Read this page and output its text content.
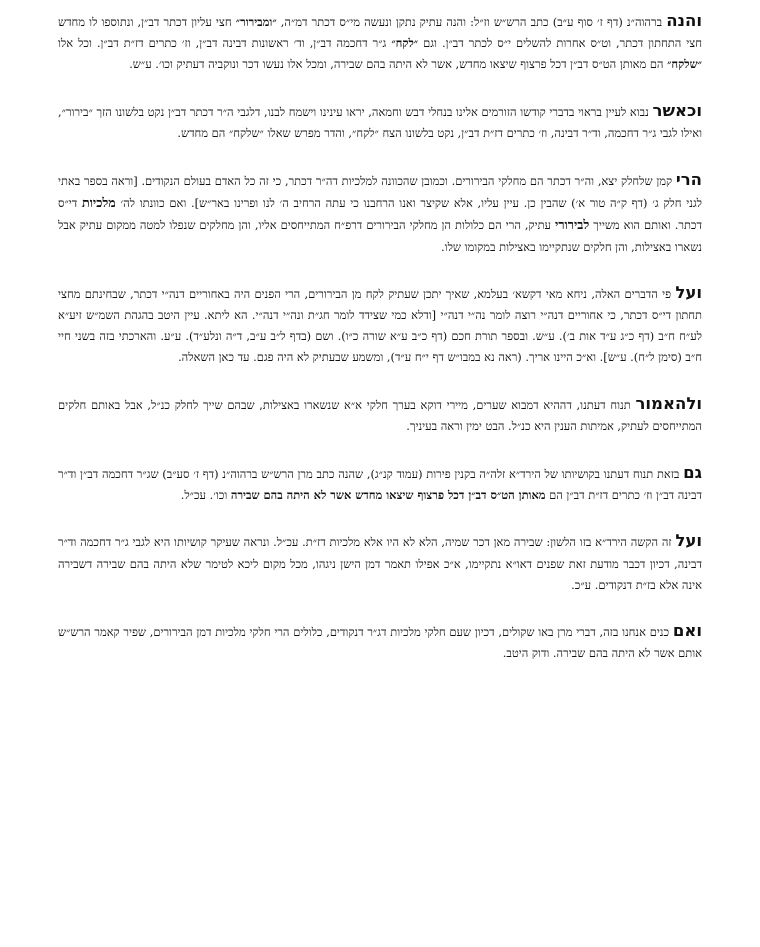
והנה ברהוה״נ (דף ז׳ סוף ע״ב) כתב הרש״ש וז״ל: והנה עתיק נתקן ונעשה מי״ס דכתר דמ״ה, ״ומבירור״ חצי עליון דכתר דב״ן, ונתוספו לו מחדש חצי התחתון דכתר, וט״ס אחרות להשלים י״ס לכתר דב״ן. וגם ״לקח״ ג״ר דחכמה דב״ן, וד׳ ראשונות דבינה דב״ן, וז׳ כתרים דז״ת דב״ן. וכל אלו ״שלקח״ הם מאותן הט״ס דב״ן דכל פרצוף שיצאו מחדש, אשר לא היתה בהם שבירה, ומכל אלו נעשו דכר ונוקביה דעתיק וכו׳. ע״ש.

וכאשר נבוא לעיין בראוי בדברי קודשו הזורמים אלינו בנחלי דבש וחמאה, יראו עינינו וישמח לבנו, דלגבי ה״ר דכתר דב״ן נקט בלשונו הזך ״בירור״, ואילו לגבי ג״ר דחכמה, וד״ר דבינה, וז׳ כתרים דז״ת דב״ן, נקט בלשונו הצח ״לקח״, והדר מפרש שאלו ״שלקח״ הם מחדש.

הרי קמן שלחלק יצא, וה״ר דכתר הם מחלקי הבירורים. וכמובן שהכוונה למלכיות דה״ר דכתר, כי זה כל האדם בעולם הנקודים. [וראה בספר באתי לגני חלק ג׳ (דף ק״ה טור א׳) שהבין כן. עיין עליו, אלא שקיצר ואנו הרחבנו כי עתה הרחיב ה׳ לנו ופרינו באר״ש]. ואם כוונתו לה׳ מלכיות די״ס דכתר. ואותם הוא משייך לבירורי עתיק, הרי הם כלולות הן מחלקי הבירורים דרפ״ח המתייחסים אליו, והן מחלקים שנפלו למטה ממקום עתיק אבל נשארו באצילות, והן חלקים שנתקיימו באצילות במקומו שלו.

ועל פי הדברים האלה, ניחא מאי דקשא׳ בעלמא, שאיך יתכן שעתיק לקח מן הבירורים, הרי הפנים היה באחוריים דנה״י דכתר, שבחינתם מחצי תחתון די״ס דכתר, כי אחוריים דנה״י רוצה לומר נה״י דנה״י [ודלא כמי שצידד לומר חג״ת ונה״י דנה״י. הא ליתא. עיין היטב בהגהת השמ״ש זיע״א לע״ח ח״ב (דף כ״ג ע״ד אות ב׳). ע״ש. ובספר תורת חכם (דף כ״ב ע״א שורה כ״ו). ושם (בדף ל״ב ע״ב, ד״ה ונלע״ד). ע״ע. והארכתי בזה בשני חיי ח״ב (סימן ל״ח). ע״ש]. וא״כ היינו אריך. (ראה נא במבו״ש דף י״ח ע״ד), ומשמע שבעתיק לא היה פגם. עד כאן השאלה.

ולהאמור תנוח דעתנו, דההיא דמבוא שערים, מיירי דוקא בערך חלקי א״א שנשארו באצילות, שבהם שייך לחלק כנ״ל, אבל באותם חלקים המתייחסים לעתיק, אמיתות הענין היא כנ״ל. הבט ימין וראה בעיניך.

גם בזאת תנוח דעתנו בקושיותו של הירד״א זלה״ה בקנין פירות (עמוד קנ״ג), שהנה כתב מרן הרש״ש ברהוה״נ (דף ז׳ סע״ב) שג״ר דחכמה דב״ן וד״ר דבינה דב״ן וז׳ כתרים דז״ת דב״ן הם מאותן הט״ס דב״ן דכל פרצוף שיצאו מחדש אשר לא היתה בהם שבירה וכו׳. עכ״ל.

ועל זה הקשה הירד״א בזו הלשון: שבירה מאן דכר שמיה, הלא לא היו אלא מלכיות דז״ת. עכ״ל. ונראה שעיקר קושיותו היא לגבי ג״ר דחכמה וד״ר דבינה, דכיון דכבר מודעת זאת שפנים דאו״א נתקיימו, א״כ אפילו תאמר דמן הישן ניגהו, מכל מקום ליכא לטימר שלא היתה בהם שבירה דשבירה אינה אלא בז״ת דנקודים. ע״כ.

ואם כנים אנחנו בזה, דברי מרן באו שקולים, דכיון שעם חלקי מלכיות דג״ר דנקודים, כלולים הרי חלקי מלכיות דמן הבירורים, שפיר קאמר הרש״ש אותם אשר לא היתה בהם שבירה. ודוק היטב.
